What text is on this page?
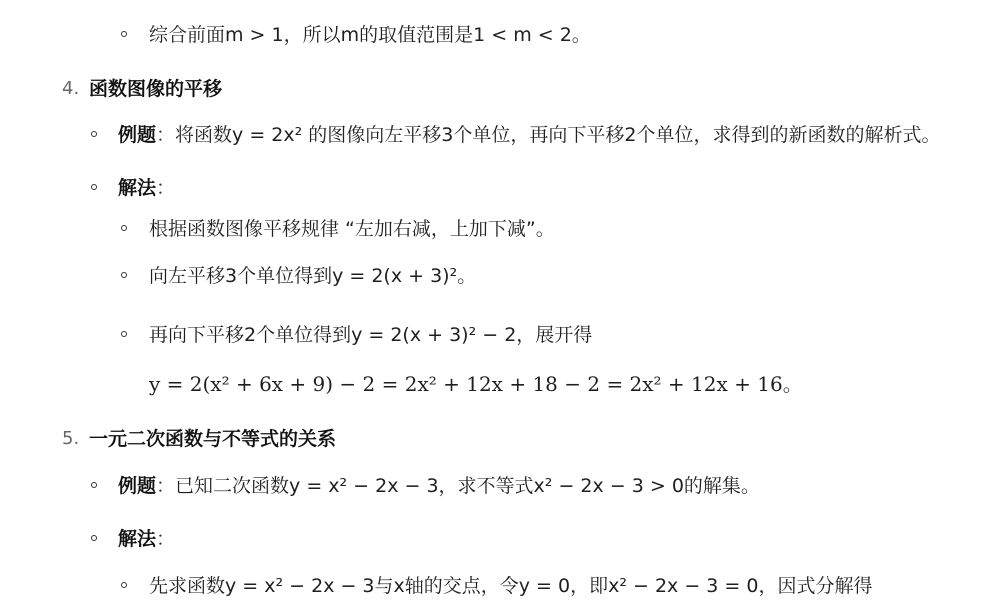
综合前面m > 1，所以m的取值范围是1 < m < 2。
4. 函数图像的平移
例题：将函数y = 2x² 的图像向左平移3个单位，再向下平移2个单位，求得到的新函数的解析式。
解法：
根据函数图像平移规律 “左加右减，上加下减”。
向左平移3个单位得到y = 2(x + 3)²。
再向下平移2个单位得到y = 2(x + 3)² − 2，展开得
y = 2(x² + 6x + 9) − 2 = 2x² + 12x + 18 − 2 = 2x² + 12x + 16。
5. 一元二次函数与不等式的关系
例题：已知二次函数y = x² − 2x − 3，求不等式x² − 2x − 3 > 0的解集。
解法：
先求函数y = x² − 2x − 3与x轴的交点，令y = 0，即x² − 2x − 3 = 0，因式分解得
